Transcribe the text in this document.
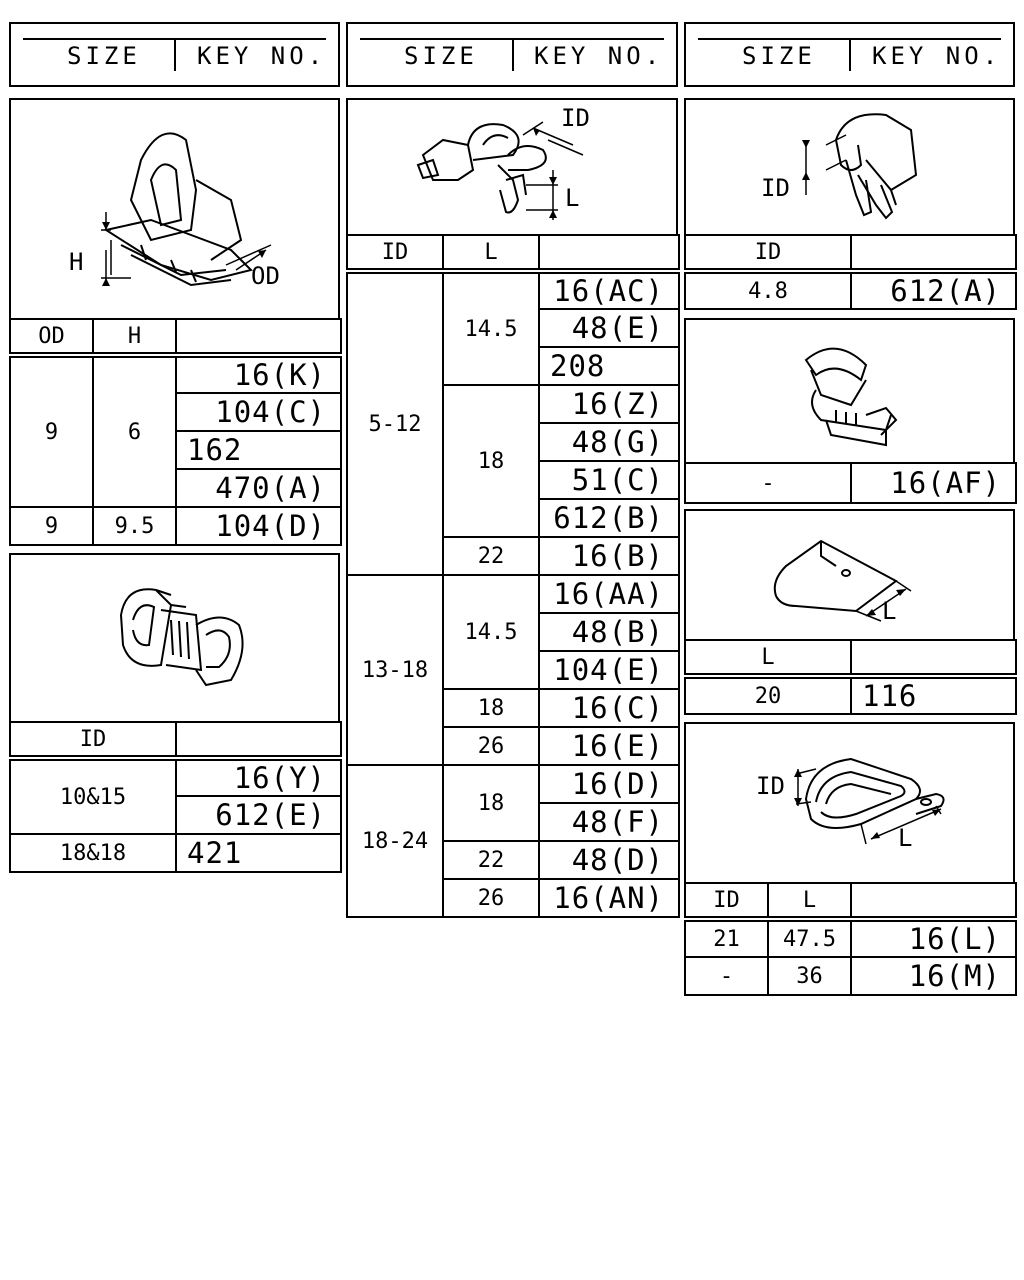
SIZE KEY NO.	SIZE KEY NO.	SIZE KEY NO.
H	OD
OD	H	
9	6	16(K)
		104(C)
		162
		470(A)
9	9.5	104(D)
ID	
10&15	16(Y)
	612(E)
18&18	421
ID
L
ID	L	
5-12	14.5	16(AC)
		48(E)
		208
	18	16(Z)
		48(G)
		51(C)
		612(B)
	22	16(B)
13-18	14.5	16(AA)
		48(B)
		104(E)
	18	16(C)
	26	16(E)
18-24	18	16(D)
		48(F)
	22	48(D)
	26	16(AN)
ID
ID	
4.8	612(A)
-	16(AF)
L
L	
20	116
ID
L
ID	L	
21	47.5	16(L)
-	36	16(M)
